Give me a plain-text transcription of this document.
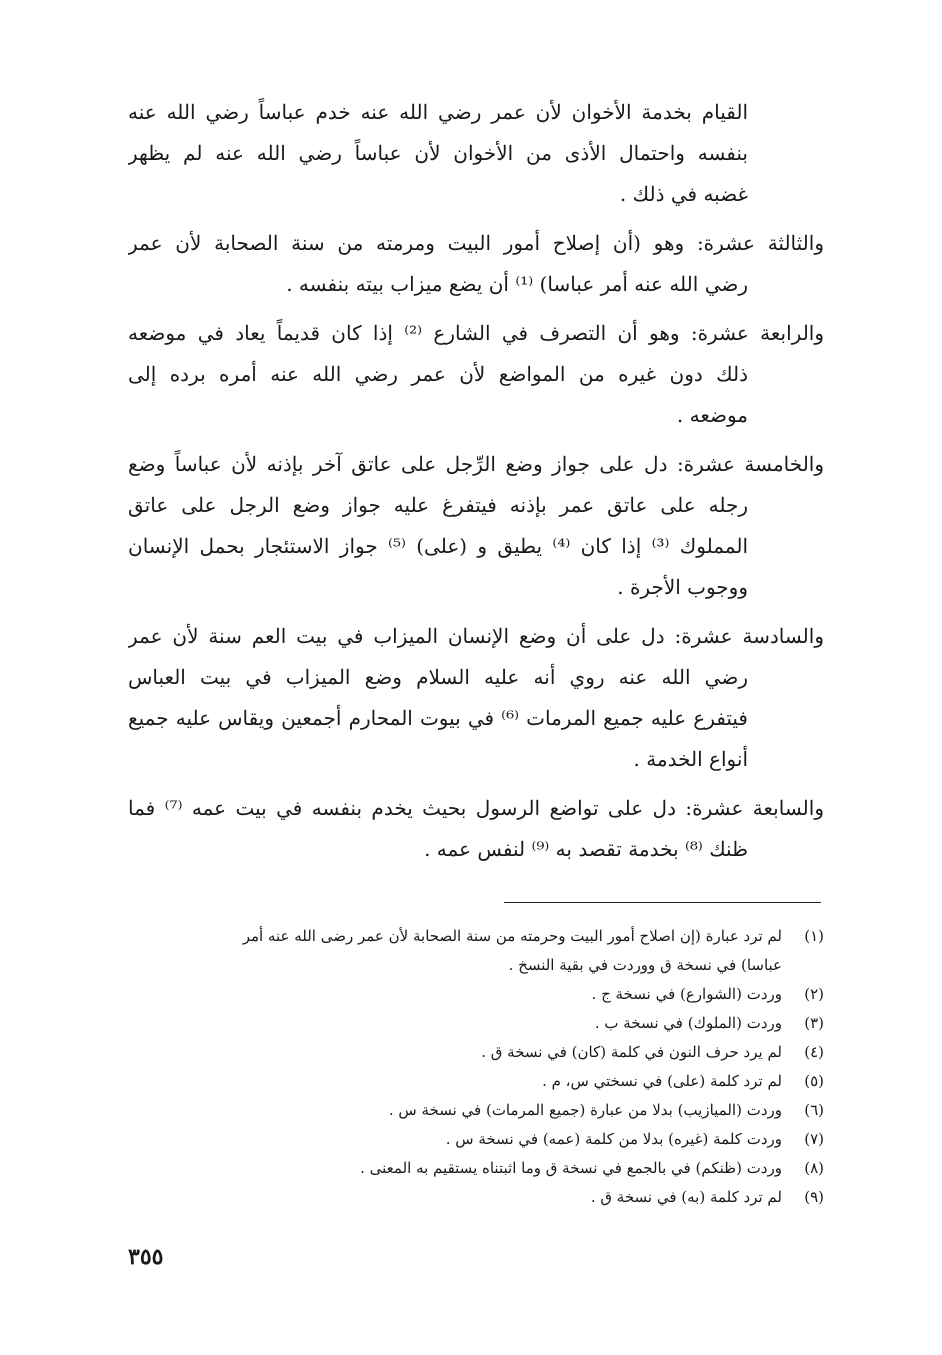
القيام بخدمة الأخوان لأن عمر رضي الله عنه خدم عباساً رضي الله عنه
بنفسه واحتمال الأذى من الأخوان لأن عباساً رضي الله عنه لم يظهر
غضبه في ذلك .
والثالثة عشرة: وهو (أن إصلاح أمور البيت ومرمته من سنة الصحابة لأن عمر
رضي الله عنه أمر عباسا) ⁽¹⁾ أن يضع ميزاب بيته بنفسه .
والرابعة عشرة: وهو أن التصرف في الشارع ⁽²⁾ إذا كان قديماً يعاد في موضعه
ذلك دون غيره من المواضع لأن عمر رضي الله عنه أمره برده إلى
موضعه .
والخامسة عشرة: دل على جواز وضع الرِّجل على عاتق آخر بإذنه لأن عباساً وضع
رجله على عاتق عمر بإذنه فيتفرغ عليه جواز وضع الرجل على عاتق
المملوك ⁽³⁾ إذا كان ⁽⁴⁾ يطيق و (على) ⁽⁵⁾ جواز الاستئجار بحمل الإنسان
ووجوب الأجرة .
والسادسة عشرة: دل على أن وضع الإنسان الميزاب في بيت العم سنة لأن عمر
رضي الله عنه روي أنه عليه السلام وضع الميزاب في بيت العباس
فيتفرع عليه جميع المرمات ⁽⁶⁾ في بيوت المحارم أجمعين ويقاس عليه جميع
أنواع الخدمة .
والسابعة عشرة: دل على تواضع الرسول بحيث يخدم بنفسه في بيت عمه ⁽⁷⁾ فما
ظنك ⁽⁸⁾ بخدمة تقصد به ⁽⁹⁾ لنفس عمه .
(١)
لم ترد عبارة (إن اصلاح أمور البيت وحرمته من سنة الصحابة لأن عمر رضى الله عنه أمر
عباسا) في نسخة ق ووردت في بقية النسخ .
(٢)
وردت (الشوارع) في نسخة ج .
(٣)
وردت (الملوك) في نسخة ب .
(٤)
لم يرد حرف النون في كلمة (كان) في نسخة ق .
(٥)
لم ترد كلمة (على) في نسختي س، م .
(٦)
وردت (الميازيب) بدلا من عبارة (جميع المرمات) في نسخة س .
(٧)
وردت كلمة (غيره) بدلا من كلمة (عمه) في نسخة س .
(٨)
وردت (ظنكم) في بالجمع في نسخة ق وما اثبتناه يستقيم به المعنى .
(٩)
لم ترد كلمة (به) في نسخة ق .
٣٥٥
